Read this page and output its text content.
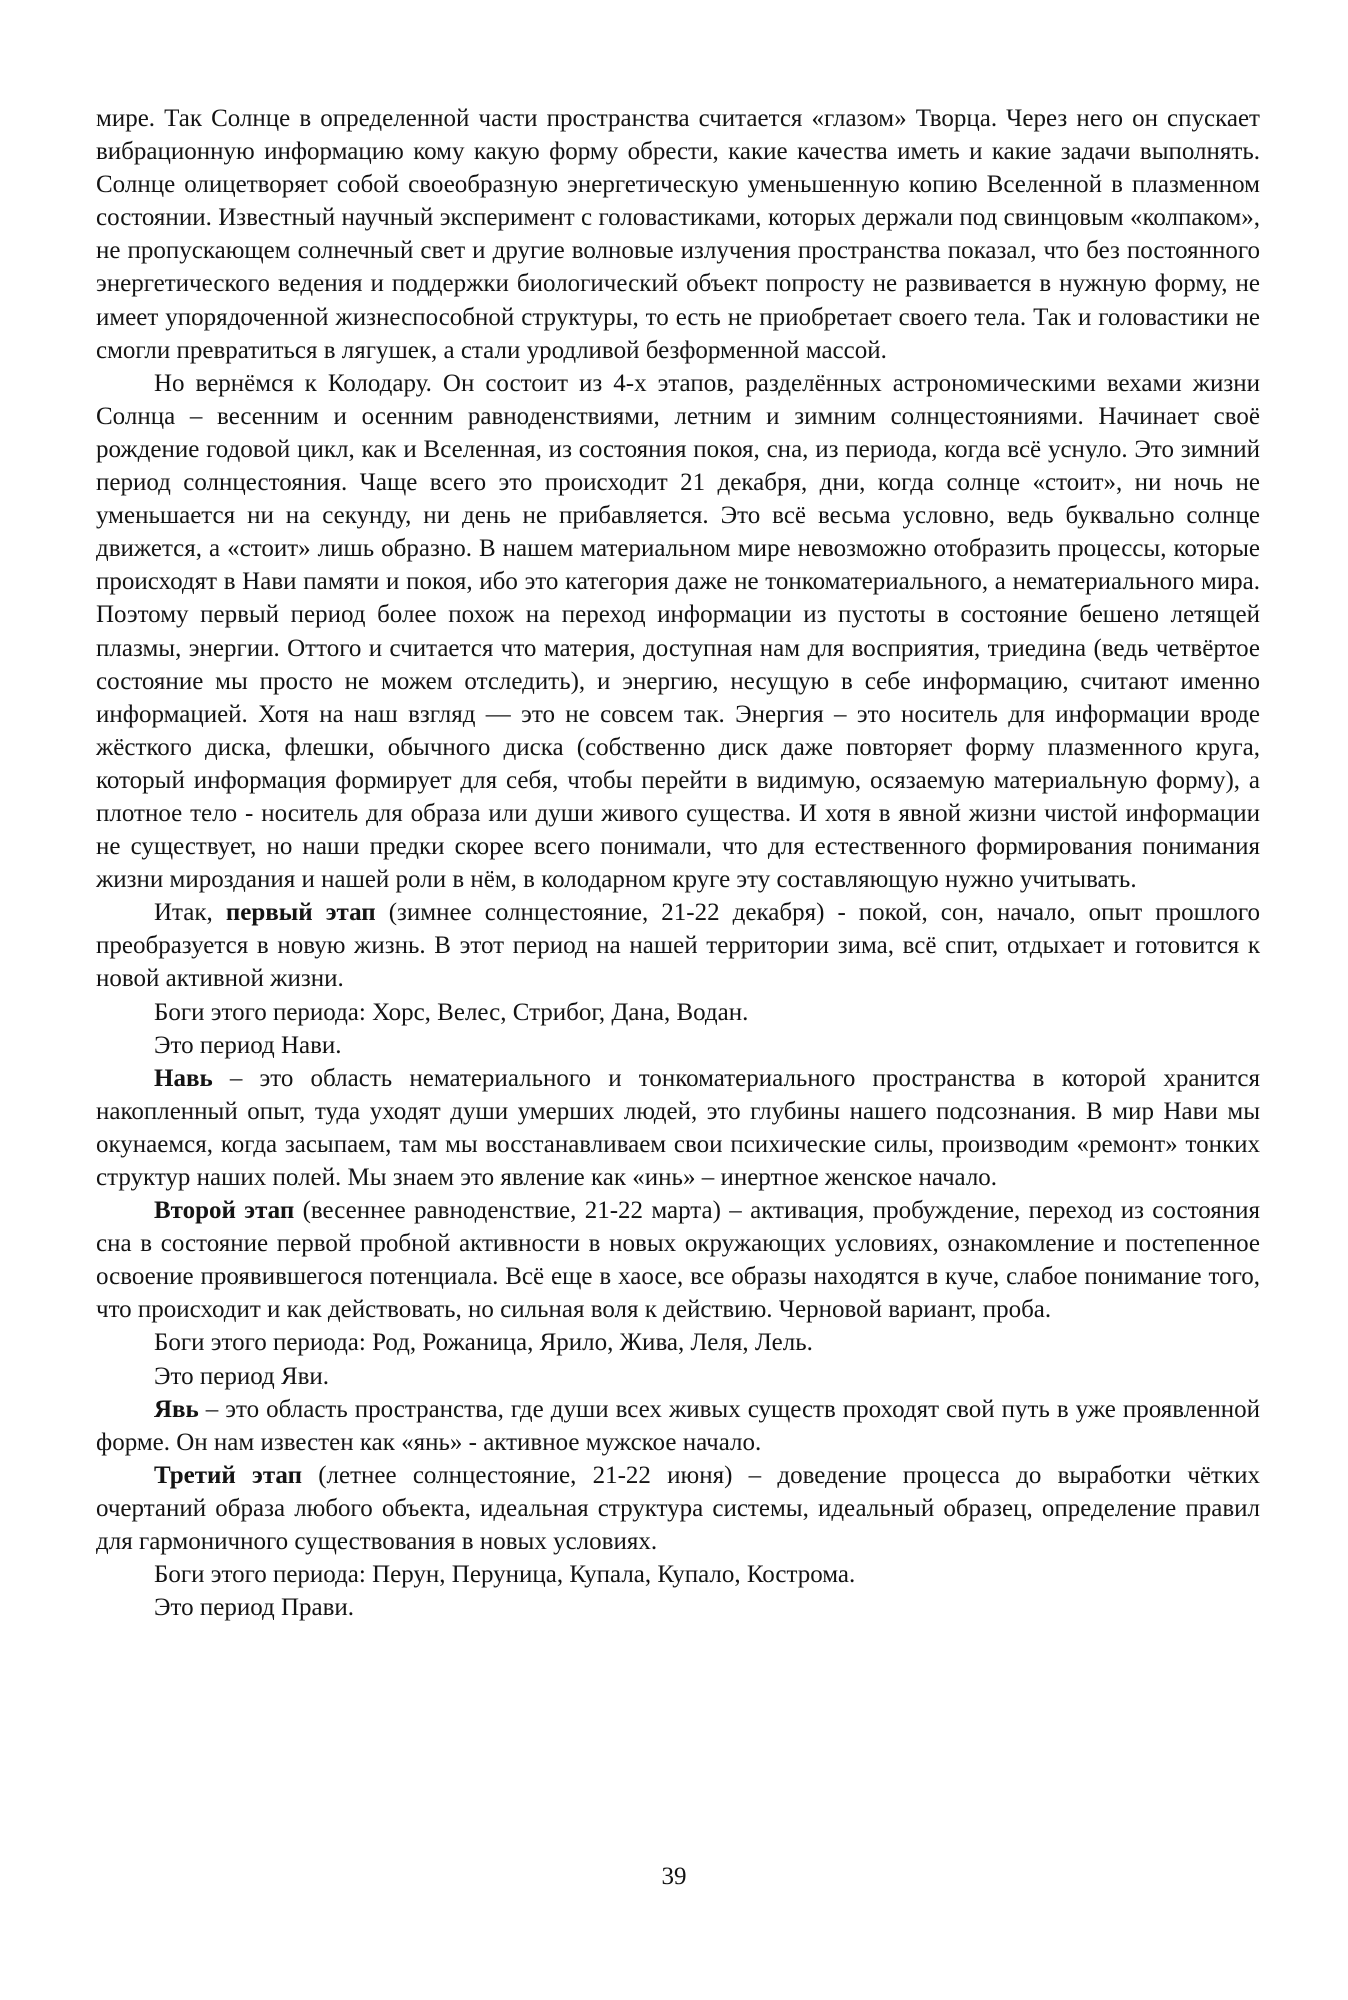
мире. Так Солнце в определенной части пространства считается «глазом» Творца. Через него он спускает вибрационную информацию кому какую форму обрести, какие качества иметь и какие задачи выполнять. Солнце олицетворяет собой своеобразную энергетическую уменьшенную копию Вселенной в плазменном состоянии. Известный научный эксперимент с головастиками, которых держали под свинцовым «колпаком», не пропускающем солнечный свет и другие волновые излучения пространства показал, что без постоянного энергетического ведения и поддержки биологический объект попросту не развивается в нужную форму, не имеет упорядоченной жизнеспособной структуры, то есть не приобретает своего тела. Так и головастики не смогли превратиться в лягушек, а стали уродливой безформенной массой.

Но вернёмся к Колодару. Он состоит из 4-х этапов, разделённых астрономическими вехами жизни Солнца – весенним и осенним равноденствиями, летним и зимним солнцестояниями. Начинает своё рождение годовой цикл, как и Вселенная, из состояния покоя, сна, из периода, когда всё уснуло. Это зимний период солнцестояния. Чаще всего это происходит 21 декабря, дни, когда солнце «стоит», ни ночь не уменьшается ни на секунду, ни день не прибавляется. Это всё весьма условно, ведь буквально солнце движется, а «стоит» лишь образно. В нашем материальном мире невозможно отобразить процессы, которые происходят в Нави памяти и покоя, ибо это категория даже не тонкоматериального, а нематериального мира. Поэтому первый период более похож на переход информации из пустоты в состояние бешено летящей плазмы, энергии. Оттого и считается что материя, доступная нам для восприятия, триедина (ведь четвёртое состояние мы просто не можем отследить), и энергию, несущую в себе информацию, считают именно информацией. Хотя на наш взгляд — это не совсем так. Энергия – это носитель для информации вроде жёсткого диска, флешки, обычного диска (собственно диск даже повторяет форму плазменного круга, который информация формирует для себя, чтобы перейти в видимую, осязаемую материальную форму), а плотное тело - носитель для образа или души живого существа. И хотя в явной жизни чистой информации не существует, но наши предки скорее всего понимали, что для естественного формирования понимания жизни мироздания и нашей роли в нём, в колодарном круге эту составляющую нужно учитывать.

Итак, первый этап (зимнее солнцестояние, 21-22 декабря) - покой, сон, начало, опыт прошлого преобразуется в новую жизнь. В этот период на нашей территории зима, всё спит, отдыхает и готовится к новой активной жизни.

Боги этого периода: Хорс, Велес, Стрибог, Дана, Водан.

Это период Нави.

Навь – это область нематериального и тонкоматериального пространства в которой хранится накопленный опыт, туда уходят души умерших людей, это глубины нашего подсознания. В мир Нави мы окунаемся, когда засыпаем, там мы восстанавливаем свои психические силы, производим «ремонт» тонких структур наших полей. Мы знаем это явление как «инь» – инертное женское начало.

Второй этап (весеннее равноденствие, 21-22 марта) – активация, пробуждение, переход из состояния сна в состояние первой пробной активности в новых окружающих условиях, ознакомление и постепенное освоение проявившегося потенциала. Всё еще в хаосе, все образы находятся в куче, слабое понимание того, что происходит и как действовать, но сильная воля к действию. Черновой вариант, проба.

Боги этого периода: Род, Рожаница, Ярило, Жива, Леля, Лель.

Это период Яви.

Явь – это область пространства, где души всех живых существ проходят свой путь в уже проявленной форме. Он нам известен как «янь» - активное мужское начало.

Третий этап (летнее солнцестояние, 21-22 июня) – доведение процесса до выработки чётких очертаний образа любого объекта, идеальная структура системы, идеальный образец, определение правил для гармоничного существования в новых условиях.

Боги этого периода: Перун, Перуница, Купала, Купало, Кострома.

Это период Прави.

39
